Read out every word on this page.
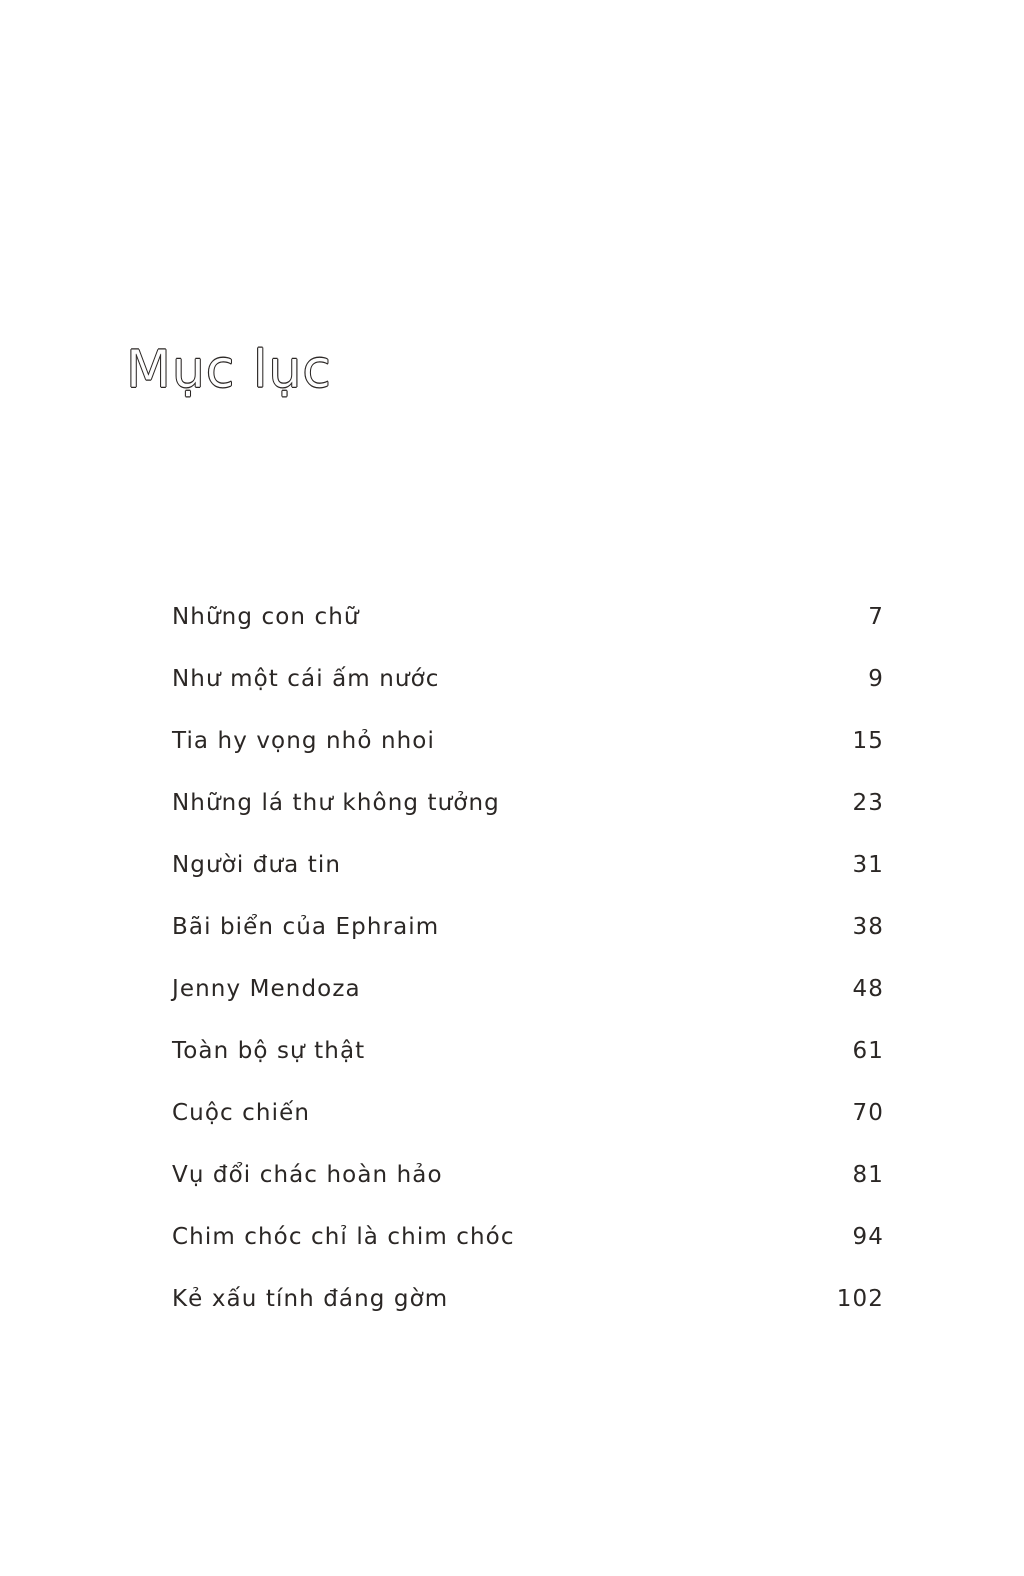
Mục lục
Những con chữ	7
Như một cái ấm nước	9
Tia hy vọng nhỏ nhoi	15
Những lá thư không tưởng	23
Người đưa tin	31
Bãi biển của Ephraim	38
Jenny Mendoza	48
Toàn bộ sự thật	61
Cuộc chiến	70
Vụ đổi chác hoàn hảo	81
Chim chóc chỉ là chim chóc	94
Kẻ xấu tính đáng gờm	102
